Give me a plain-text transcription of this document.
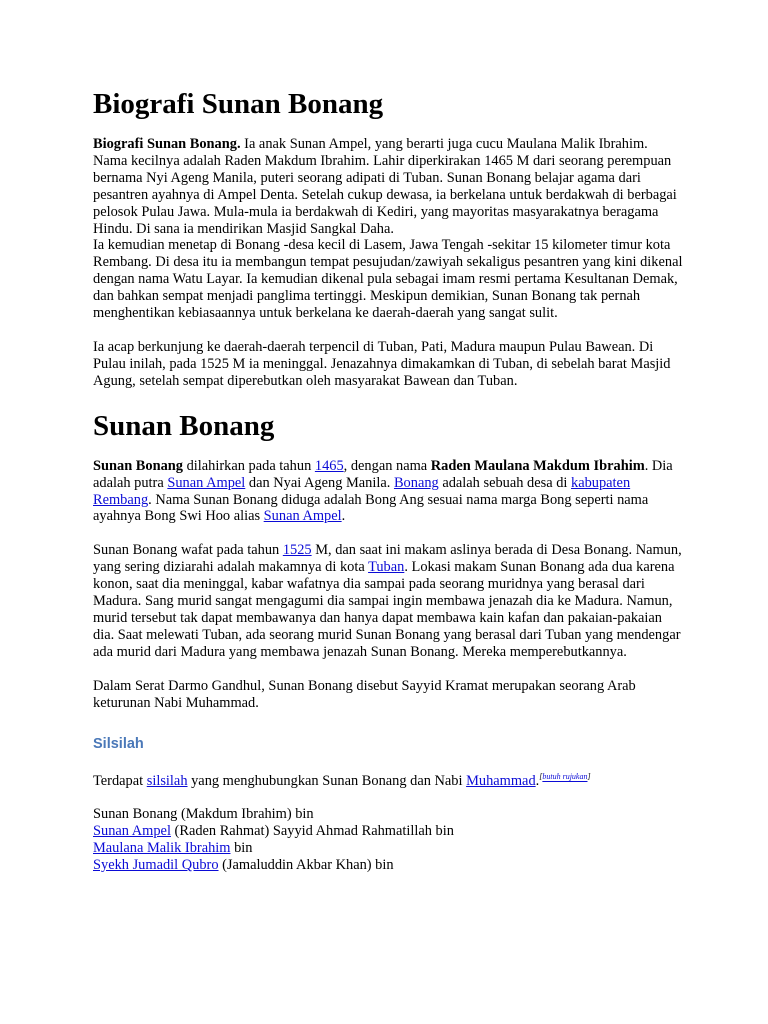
Biografi Sunan Bonang

Biografi Sunan Bonang. Ia anak Sunan Ampel, yang berarti juga cucu Maulana Malik Ibrahim. Nama kecilnya adalah Raden Makdum Ibrahim. Lahir diperkirakan 1465 M dari seorang perempuan bernama Nyi Ageng Manila, puteri seorang adipati di Tuban. Sunan Bonang belajar agama dari pesantren ayahnya di Ampel Denta. Setelah cukup dewasa, ia berkelana untuk berdakwah di berbagai pelosok Pulau Jawa. Mula-mula ia berdakwah di Kediri, yang mayoritas masyarakatnya beragama Hindu. Di sana ia mendirikan Masjid Sangkal Daha.

Ia kemudian menetap di Bonang -desa kecil di Lasem, Jawa Tengah -sekitar 15 kilometer timur kota Rembang. Di desa itu ia membangun tempat pesujudan/zawiyah sekaligus pesantren yang kini dikenal dengan nama Watu Layar. Ia kemudian dikenal pula sebagai imam resmi pertama Kesultanan Demak, dan bahkan sempat menjadi panglima tertinggi. Meskipun demikian, Sunan Bonang tak pernah menghentikan kebiasaannya untuk berkelana ke daerah-daerah yang sangat sulit.

Ia acap berkunjung ke daerah-daerah terpencil di Tuban, Pati, Madura maupun Pulau Bawean. Di Pulau inilah, pada 1525 M ia meninggal. Jenazahnya dimakamkan di Tuban, di sebelah barat Masjid Agung, setelah sempat diperebutkan oleh masyarakat Bawean dan Tuban.

Sunan Bonang

Sunan Bonang dilahirkan pada tahun 1465, dengan nama Raden Maulana Makdum Ibrahim. Dia adalah putra Sunan Ampel dan Nyai Ageng Manila. Bonang adalah sebuah desa di kabupaten Rembang. Nama Sunan Bonang diduga adalah Bong Ang sesuai nama marga Bong seperti nama ayahnya Bong Swi Hoo alias Sunan Ampel.

Sunan Bonang wafat pada tahun 1525 M, dan saat ini makam aslinya berada di Desa Bonang. Namun, yang sering diziarahi adalah makamnya di kota Tuban. Lokasi makam Sunan Bonang ada dua karena konon, saat dia meninggal, kabar wafatnya dia sampai pada seorang muridnya yang berasal dari Madura. Sang murid sangat mengagumi dia sampai ingin membawa jenazah dia ke Madura. Namun, murid tersebut tak dapat membawanya dan hanya dapat membawa kain kafan dan pakaian-pakaian dia. Saat melewati Tuban, ada seorang murid Sunan Bonang yang berasal dari Tuban yang mendengar ada murid dari Madura yang membawa jenazah Sunan Bonang. Mereka memperebutkannya.

Dalam Serat Darmo Gandhul, Sunan Bonang disebut Sayyid Kramat merupakan seorang Arab keturunan Nabi Muhammad.

Silsilah

Terdapat silsilah yang menghubungkan Sunan Bonang dan Nabi Muhammad.[butuh rujukan]

Sunan Bonang (Makdum Ibrahim) bin

Sunan Ampel (Raden Rahmat) Sayyid Ahmad Rahmatillah bin

Maulana Malik Ibrahim bin

Syekh Jumadil Qubro (Jamaluddin Akbar Khan) bin
